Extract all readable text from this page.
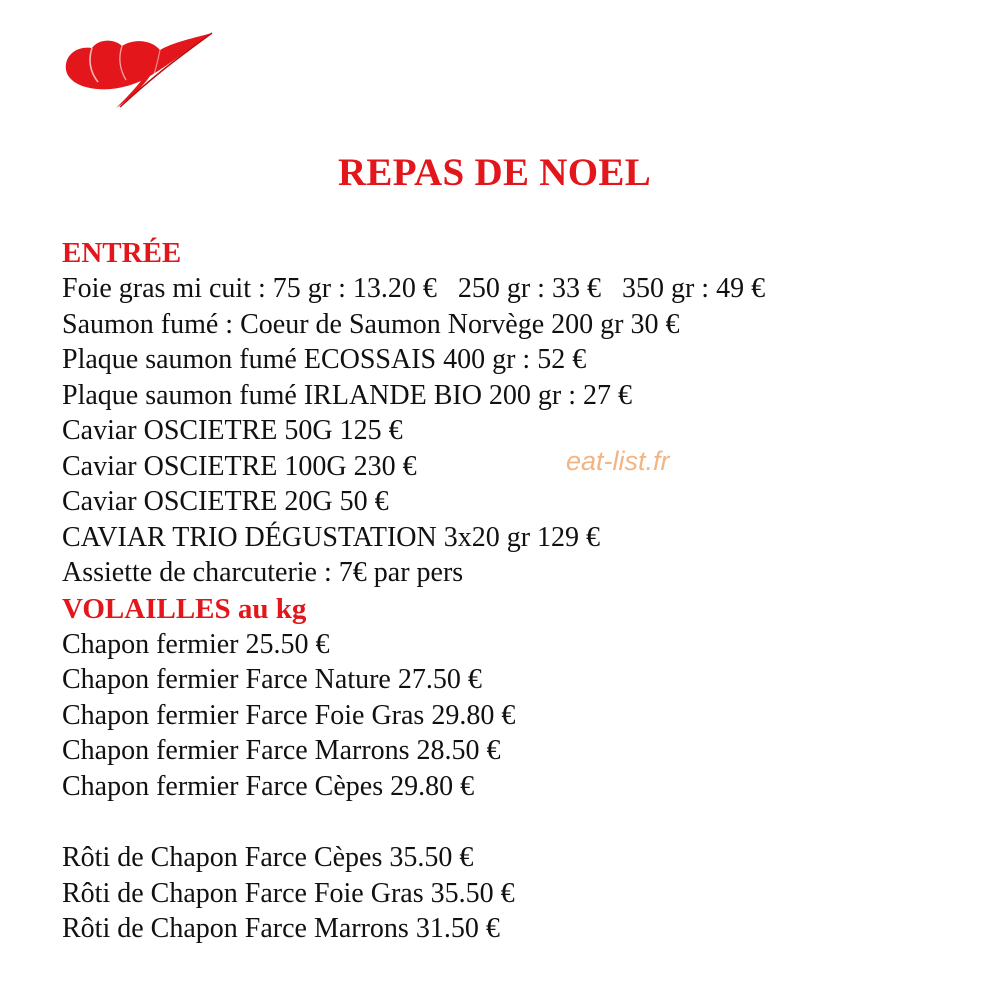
REPAS DE NOEL
ENTRÉE
Foie gras mi cuit : 75 gr : 13.20 €   250 gr : 33 €   350 gr : 49 €
Saumon fumé : Coeur de Saumon Norvège 200 gr 30 €
Plaque saumon fumé ECOSSAIS 400 gr : 52 €
Plaque saumon fumé IRLANDE BIO 200 gr : 27 €
Caviar OSCIETRE 50G 125 €
Caviar OSCIETRE 100G 230 €
Caviar OSCIETRE 20G 50 €
CAVIAR TRIO DÉGUSTATION 3x20 gr 129 €
Assiette de charcuterie : 7€ par pers
VOLAILLES au kg
Chapon fermier 25.50 €
Chapon fermier Farce Nature 27.50 €
Chapon fermier Farce Foie Gras 29.80 €
Chapon fermier Farce Marrons 28.50 €
Chapon fermier Farce Cèpes 29.80 €
Rôti de Chapon Farce Cèpes 35.50 €
Rôti de Chapon Farce Foie Gras 35.50 €
Rôti de Chapon Farce Marrons 31.50 €
eat-list.fr
